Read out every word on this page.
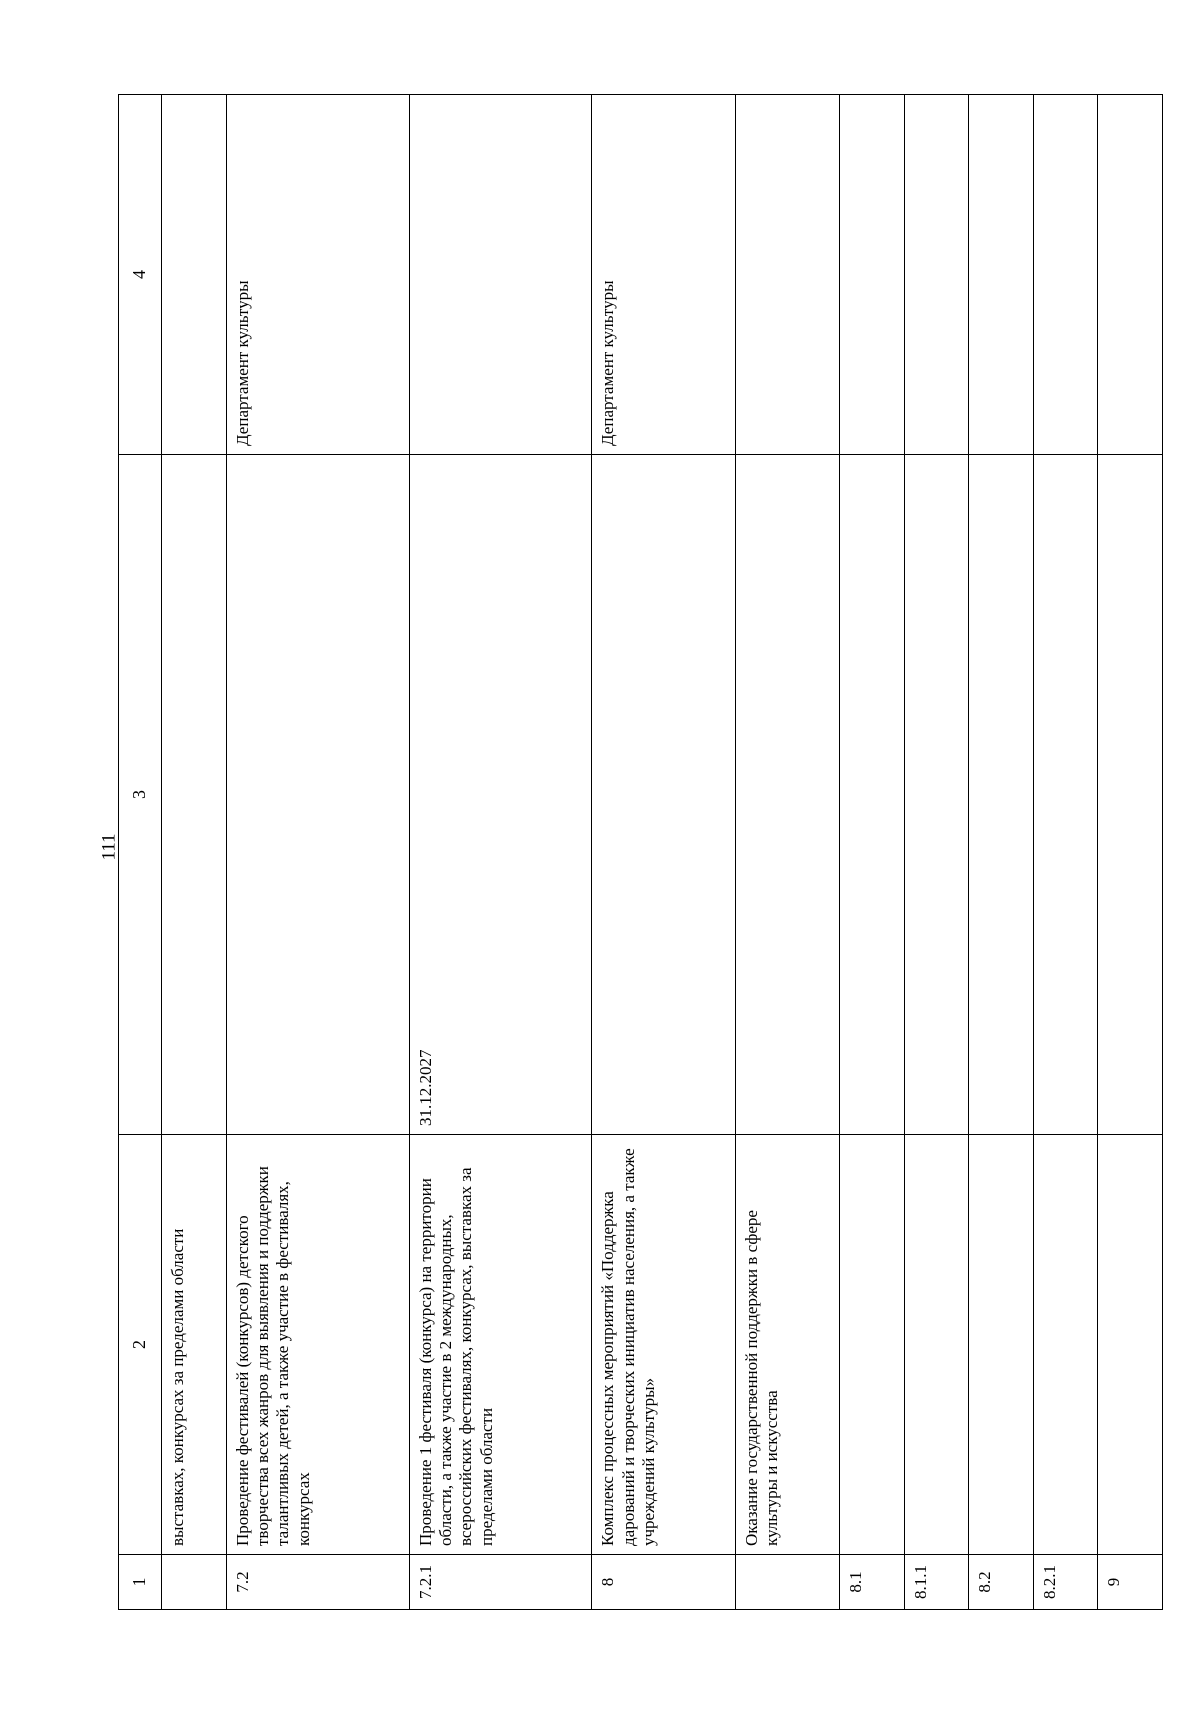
111
1	2	3	4
	выставках, конкурсах за пределами области		
7.2	Проведение фестивалей (конкурсов) детского творчества всех жанров для выявления и поддержки талантливых детей, а также участие в фестивалях, конкурсах		Департамент культуры
7.2.1	Проведение 1 фестиваля (конкурса) на территории области, а также участие в 2 международных, всероссийских фестивалях, конкурсах, выставках за пределами области	31.12.2027	
8	Комплекс процессных мероприятий «Поддержка дарований и творческих инициатив населения, а также учреждений культуры»		Департамент культуры
	Оказание государственной поддержки в сфере культуры и искусства		
8.1			
8.1.1			
8.2			
8.2.1			
9			
